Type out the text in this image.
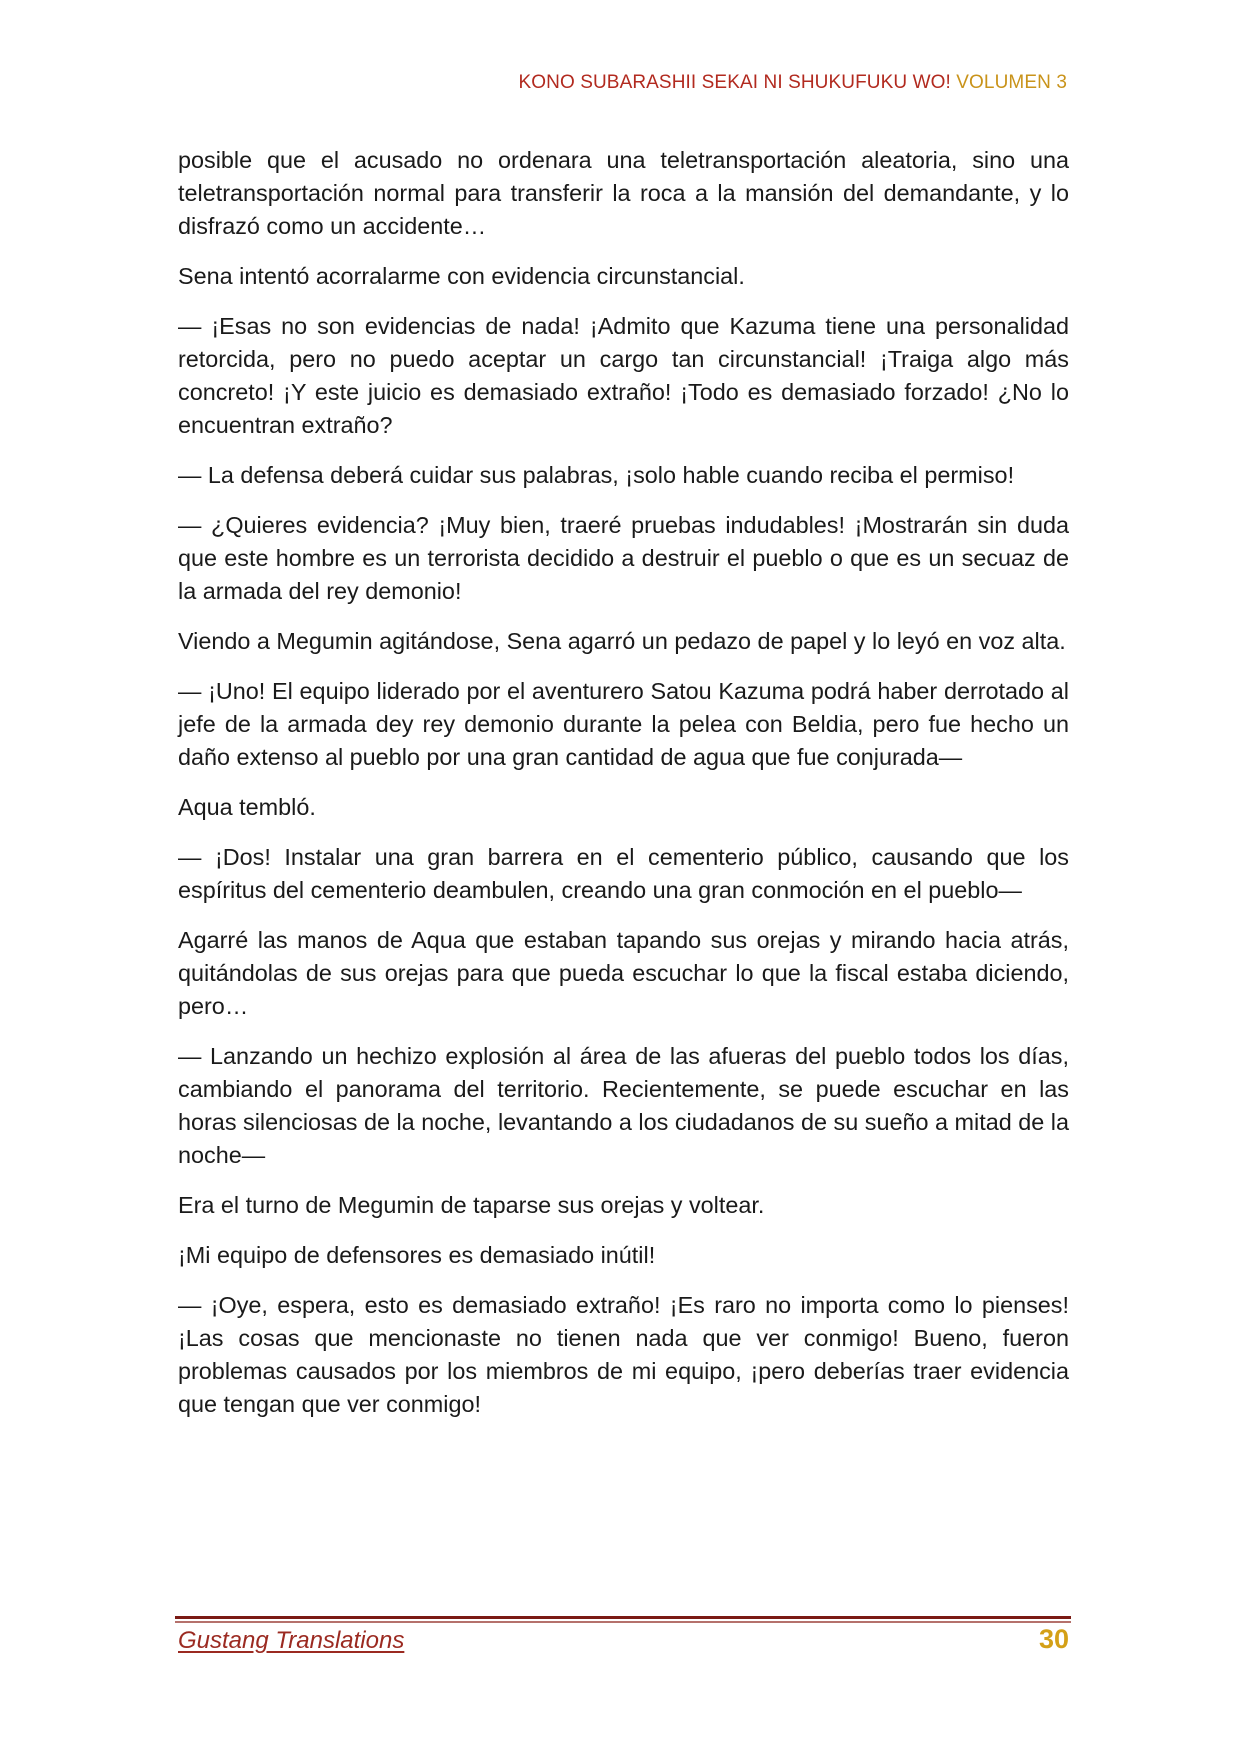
KONO SUBARASHII SEKAI NI SHUKUFUKU WO! VOLUMEN 3

posible que el acusado no ordenara una teletransportación aleatoria, sino una teletransportación normal para transferir la roca a la mansión del demandante, y lo disfrazó como un accidente…

Sena intentó acorralarme con evidencia circunstancial.

— ¡Esas no son evidencias de nada! ¡Admito que Kazuma tiene una personalidad retorcida, pero no puedo aceptar un cargo tan circunstancial! ¡Traiga algo más concreto! ¡Y este juicio es demasiado extraño! ¡Todo es demasiado forzado! ¿No lo encuentran extraño?

— La defensa deberá cuidar sus palabras, ¡solo hable cuando reciba el permiso!

— ¿Quieres evidencia? ¡Muy bien, traeré pruebas indudables! ¡Mostrarán sin duda que este hombre es un terrorista decidido a destruir el pueblo o que es un secuaz de la armada del rey demonio!

Viendo a Megumin agitándose, Sena agarró un pedazo de papel y lo leyó en voz alta.

— ¡Uno! El equipo liderado por el aventurero Satou Kazuma podrá haber derrotado al jefe de la armada dey rey demonio durante la pelea con Beldia, pero fue hecho un daño extenso al pueblo por una gran cantidad de agua que fue conjurada—

Aqua tembló.

— ¡Dos! Instalar una gran barrera en el cementerio público, causando que los espíritus del cementerio deambulen, creando una gran conmoción en el pueblo—

Agarré las manos de Aqua que estaban tapando sus orejas y mirando hacia atrás, quitándolas de sus orejas para que pueda escuchar lo que la fiscal estaba diciendo, pero…

— Lanzando un hechizo explosión al área de las afueras del pueblo todos los días, cambiando el panorama del territorio. Recientemente, se puede escuchar en las horas silenciosas de la noche, levantando a los ciudadanos de su sueño a mitad de la noche—

Era el turno de Megumin de taparse sus orejas y voltear.

¡Mi equipo de defensores es demasiado inútil!

— ¡Oye, espera, esto es demasiado extraño! ¡Es raro no importa como lo pienses! ¡Las cosas que mencionaste no tienen nada que ver conmigo! Bueno, fueron problemas causados por los miembros de mi equipo, ¡pero deberías traer evidencia que tengan que ver conmigo!

Gustang Translations	30
